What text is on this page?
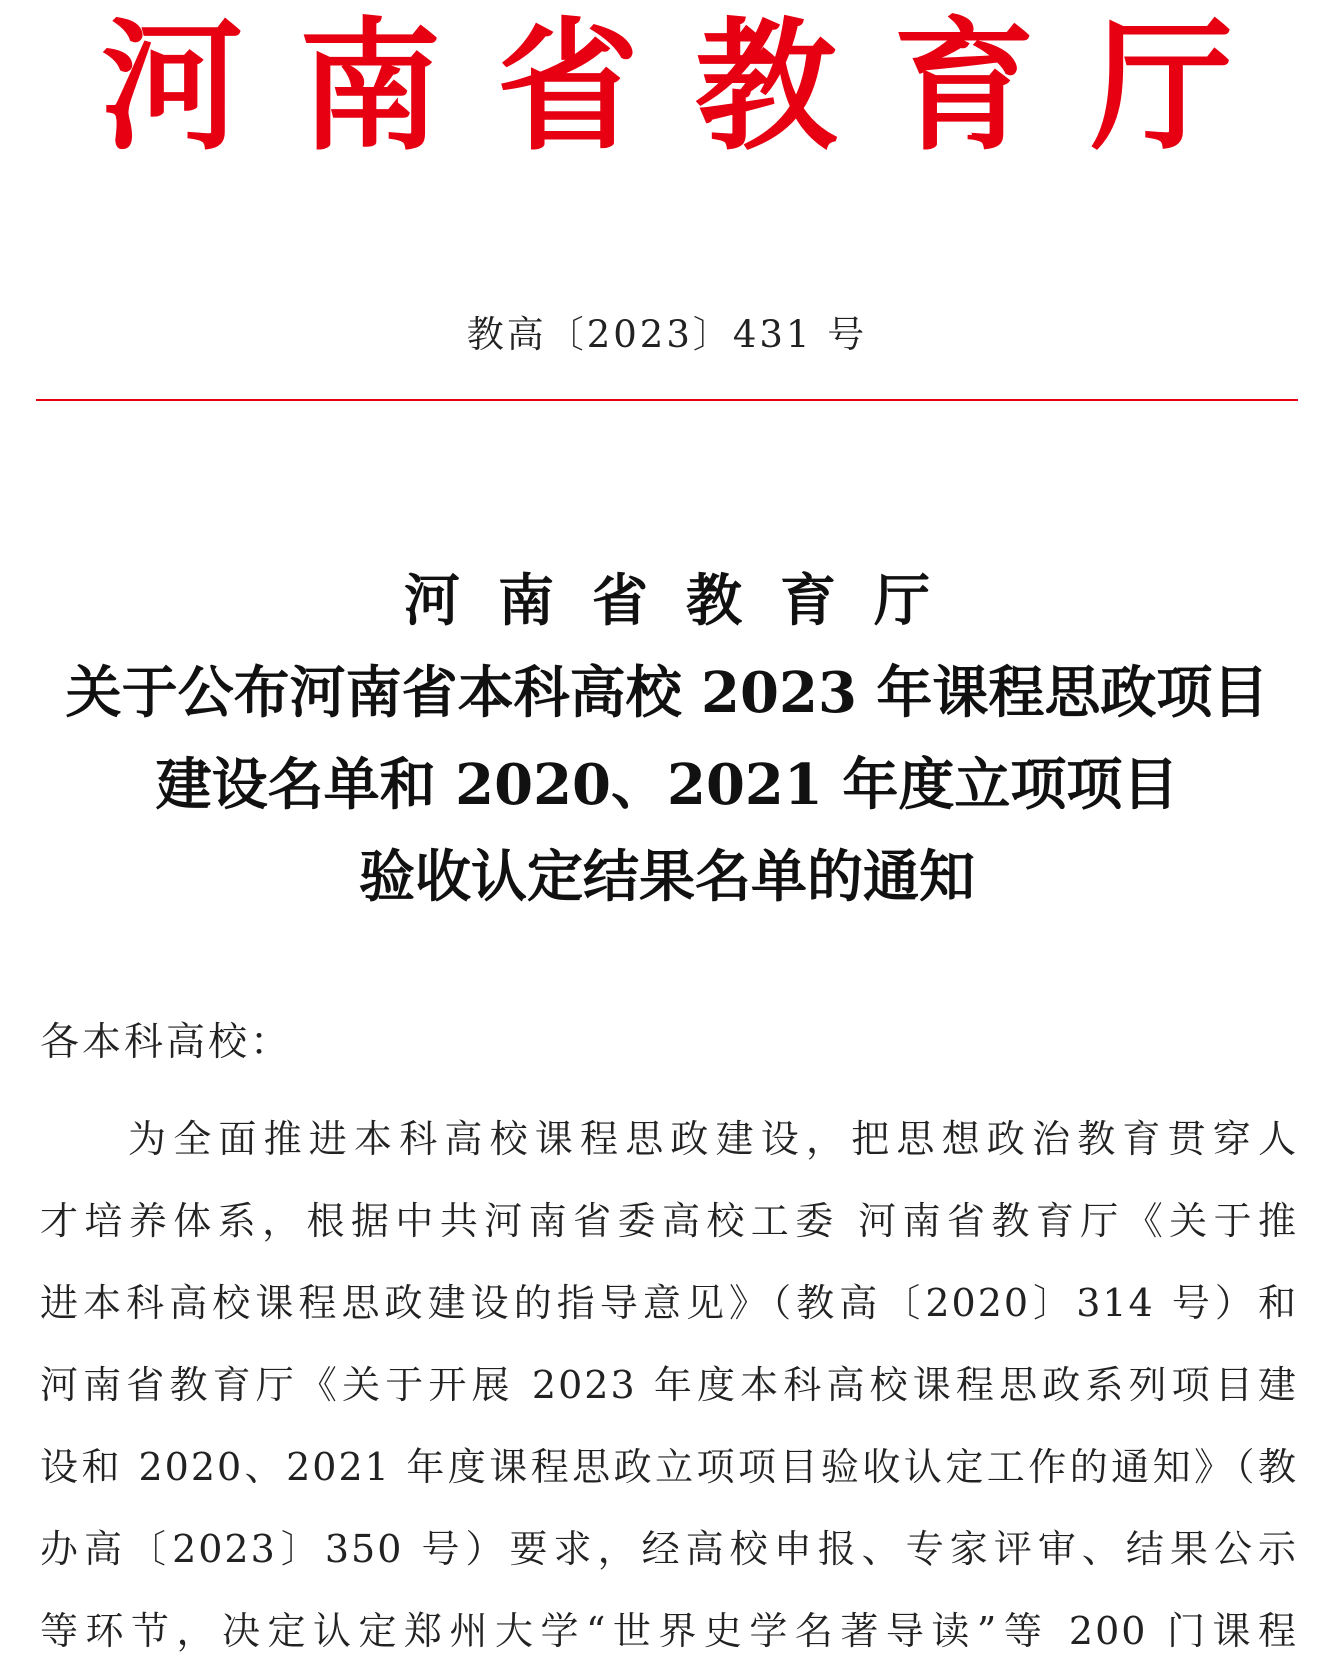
河南省教育厅
教高〔2023〕431 号
河南省教育厅
关于公布河南省本科高校 2023 年课程思政项目
建设名单和 2020、2021 年度立项项目
验收认定结果名单的通知
各本科高校：
为全面推进本科高校课程思政建设，把思想政治教育贯穿人
才培养体系，根据中共河南省委高校工委 河南省教育厅《关于推
进本科高校课程思政建设的指导意见》（教高〔2020〕314 号）和
河南省教育厅《关于开展 2023 年度本科高校课程思政系列项目建
设和 2020、2021 年度课程思政立项项目验收认定工作的通知》（教
办高〔2023〕350 号）要求，经高校申报、专家评审、结果公示
等环节，决定认定郑州大学“世界史学名著导读”等 200 门课程
